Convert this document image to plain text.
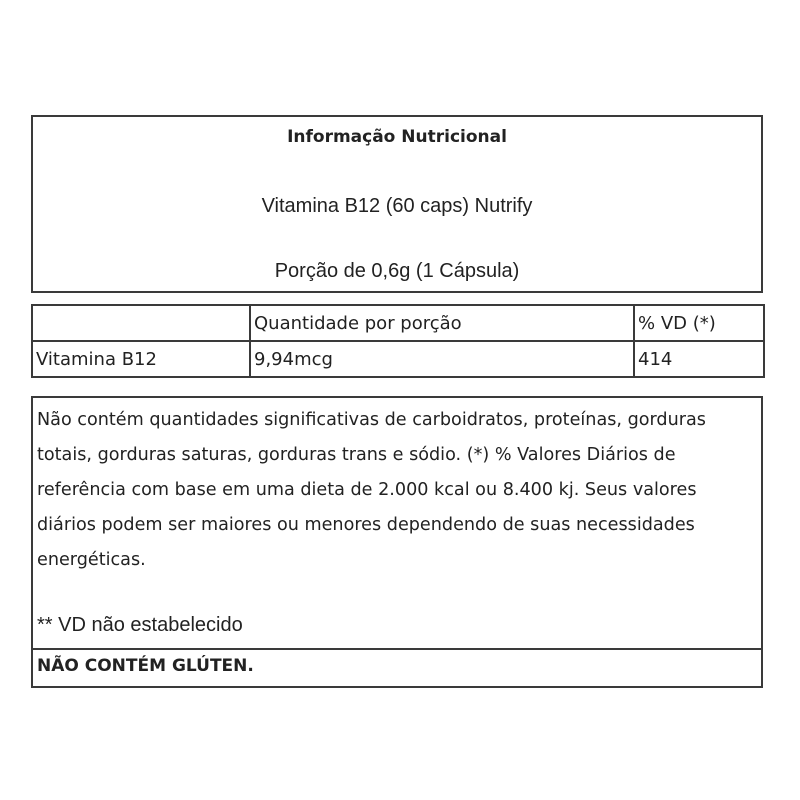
Informação Nutricional
Vitamina B12 (60 caps) Nutrify
Porção de 0,6g (1 Cápsula)
	Quantidade por porção	% VD (*)
Vitamina B12	9,94mcg	414
Não contém quantidades significativas de carboidratos, proteínas, gorduras totais, gorduras saturas, gorduras trans e sódio. (*) % Valores Diários de referência com base em uma dieta de 2.000 kcal ou 8.400 kj. Seus valores diários podem ser maiores ou menores dependendo de suas necessidades energéticas.
** VD não estabelecido
NÃO CONTÉM GLÚTEN.
